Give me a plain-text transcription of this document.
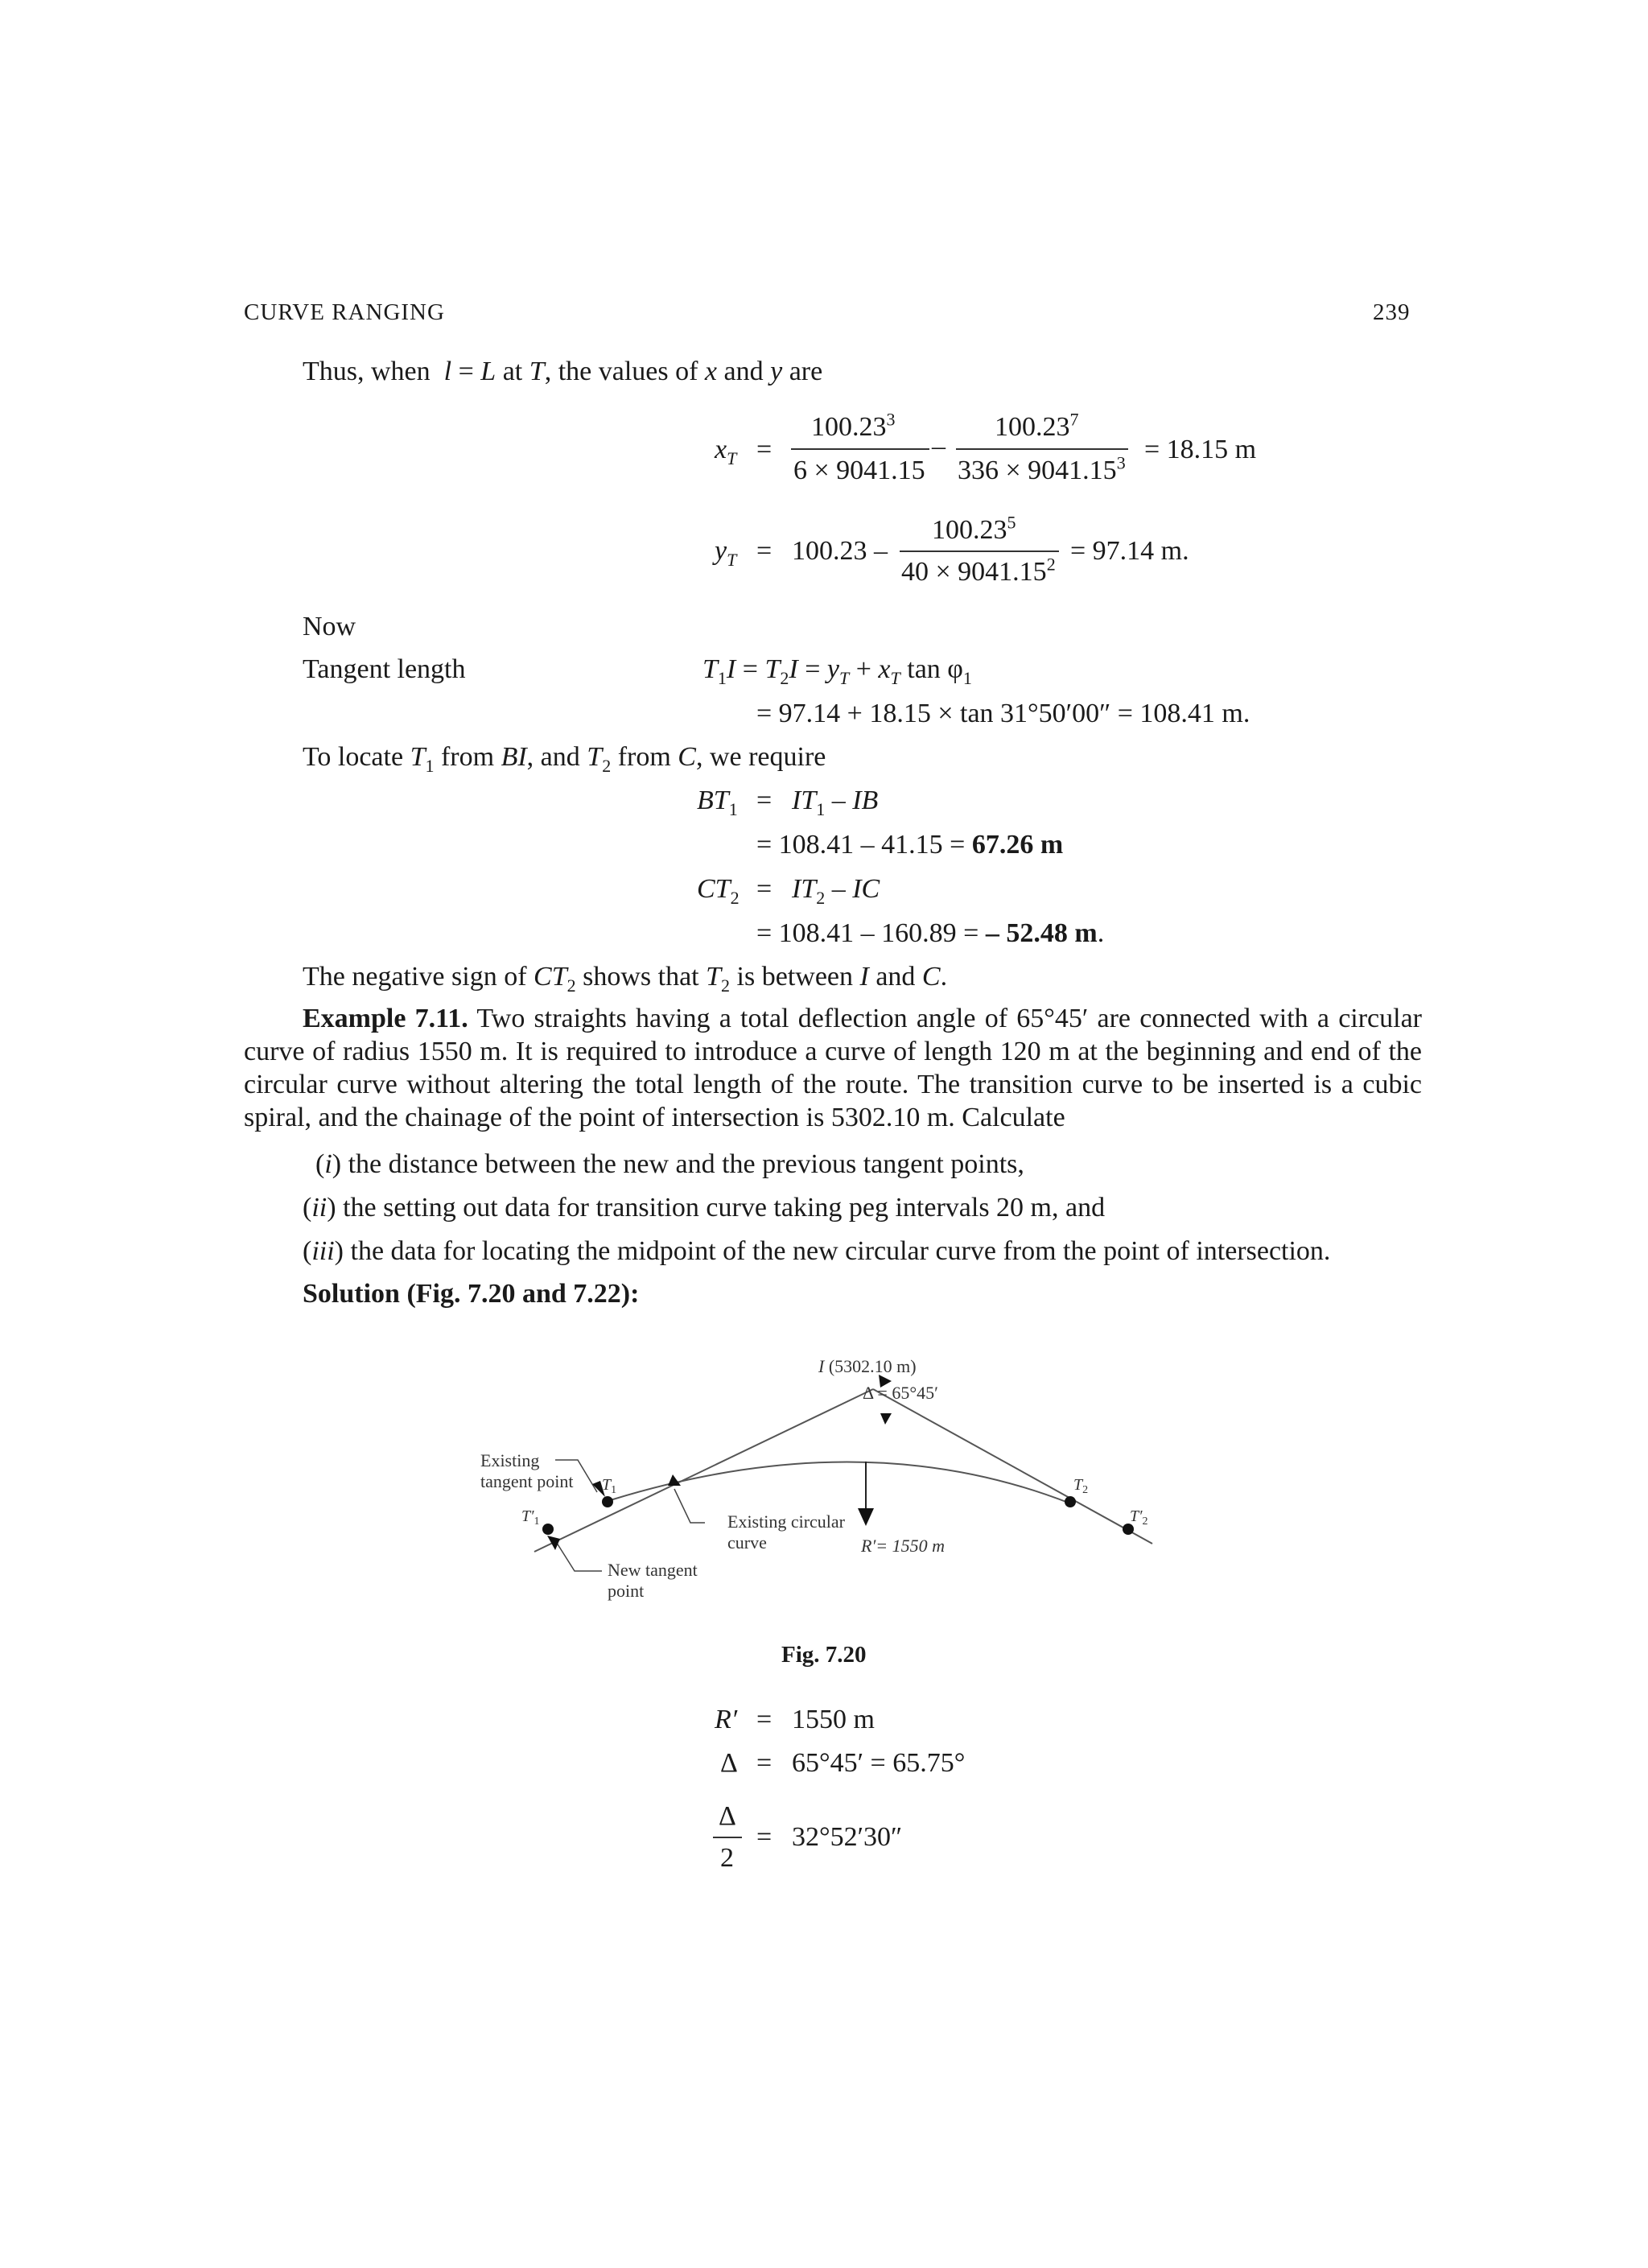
CURVE RANGING	239
Thus, when l = L at T, the values of x and y are
$x_T$ =
$100.23^3$
6 × 9041.15
–
100.23$^7$
$336 \times 9041.15^3 = 18.15$ m
$y_T = 100.23$ –
100.23$^5$
$40 \times 9041.15^2 = 97.14$ m.
Now
Tangent length	$T_1I = T_2I = y_T + x_T$ $\tan \varphi_1$
= 97.14 + 18.15 × tan 31°50′00″ = 108.41 m.
To locate $T_1$ from BI, and $T_2$ from C, we require
$BT_1 = IT_1$ – IB
= 108.41 – 41.15 = 67.26 m
$CT_2 = IT_2$ – IC
= 108.41 – 160.89 = – 52.48 m.
The negative sign of $CT_2$ shows that $T_2$ is between I and C.
Example 7.11. Two straights having a total deflection angle of 65°45′ are connected with a circular curve of radius 1550 m. It is required to introduce a curve of length 120 m at the beginning and end of the circular curve without altering the total length of the route. The transition curve to be inserted is a cubic spiral, and the chainage of the point of intersection is 5302.10 m. Calculate
(i) the distance between the new and the previous tangent points,
(ii) the setting out data for transition curve taking peg intervals 20 m, and
(iii) the data for locating the midpoint of the new circular curve from the point of intersection.
Solution (Fig. 7.20 and 7.22):
I (5302.10 m)
Δ = 65°45′
Existing
tangent point $T_1$
$T'_1$
$T_2$
$T'_2$
Existing circular
curve	R′= 1550 m
New tangent
point
Fig. 7.20
R′ = 1550 m
Δ = 65°45′ = 65.75°
Δ
2
= 32°52′30″
